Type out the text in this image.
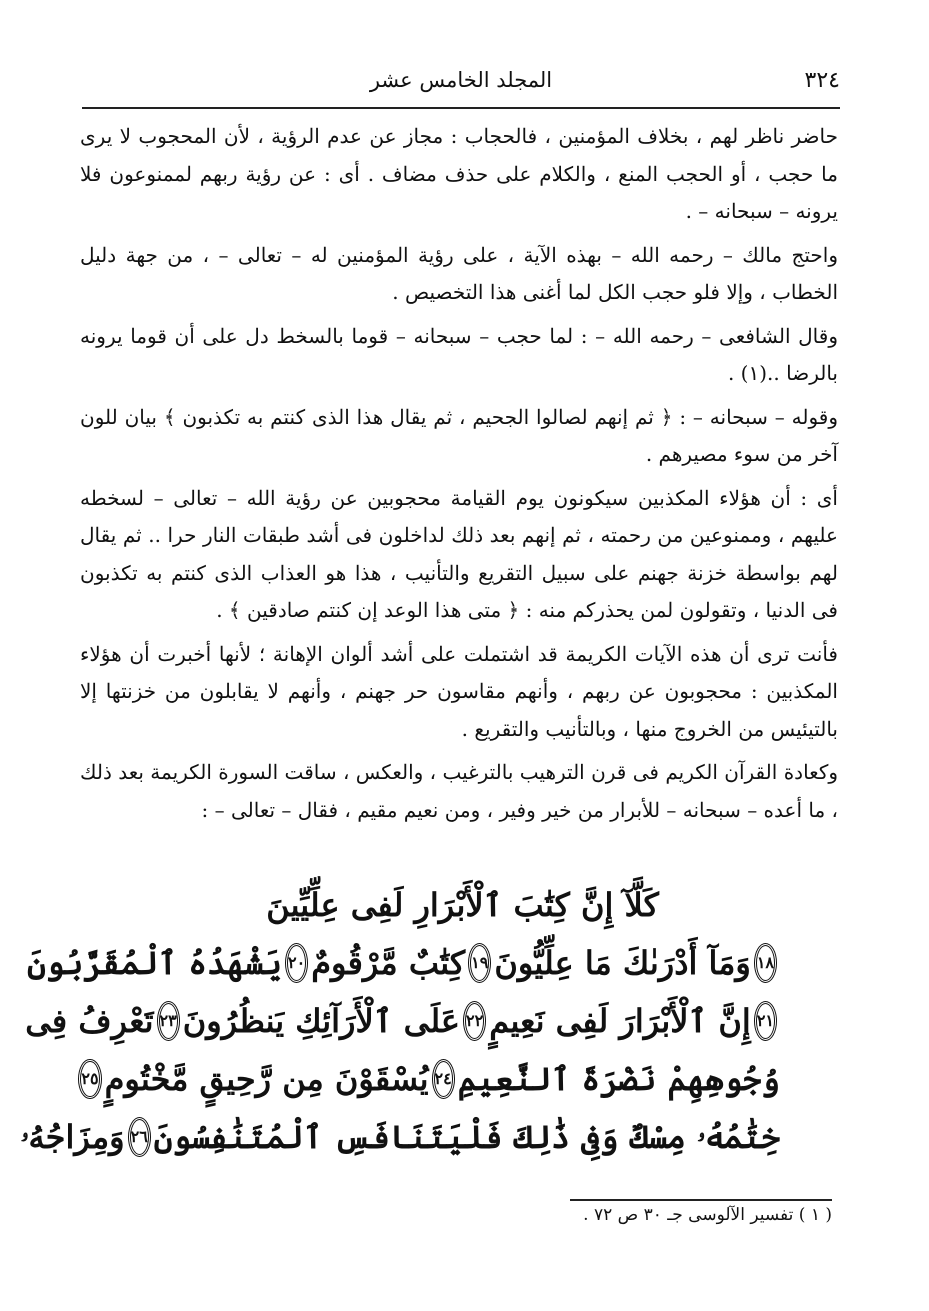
٣٢٤
المجلد الخامس عشر

حاضر ناظر لهم ، بخلاف المؤمنين ، فالحجاب : مجاز عن عدم الرؤية ، لأن المحجوب لا يرى ما حجب ، أو الحجب المنع ، والكلام على حذف مضاف . أى : عن رؤية ربهم لممنوعون فلا يرونه – سبحانه – .

واحتج مالك – رحمه الله – بهذه الآية ، على رؤية المؤمنين له – تعالى – ، من جهة دليل الخطاب ، وإلا فلو حجب الكل لما أغنى هذا التخصيص .

وقال الشافعى – رحمه الله – : لما حجب – سبحانه – قوما بالسخط دل على أن قوما يرونه بالرضا ..(١) .

وقوله – سبحانه – : ﴿ ثم إنهم لصالوا الجحيم ، ثم يقال هذا الذى كنتم به تكذبون ﴾ بيان للون آخر من سوء مصيرهم .

أى : أن هؤلاء المكذبين سيكونون يوم القيامة محجوبين عن رؤية الله – تعالى – لسخطه عليهم ، وممنوعين من رحمته ، ثم إنهم بعد ذلك لداخلون فى أشد طبقات النار حرا .. ثم يقال لهم بواسطة خزنة جهنم على سبيل التقريع والتأنيب ، هذا هو العذاب الذى كنتم به تكذبون فى الدنيا ، وتقولون لمن يحذركم منه : ﴿ متى هذا الوعد إن كنتم صادقين ﴾ .

فأنت ترى أن هذه الآيات الكريمة قد اشتملت على أشد ألوان الإهانة ؛ لأنها أخبرت أن هؤلاء المكذبين : محجوبون عن ربهم ، وأنهم مقاسون حر جهنم ، وأنهم لا يقابلون من خزنتها إلا بالتيئيس من الخروج منها ، وبالتأنيب والتقريع .

وكعادة القرآن الكريم فى قرن الترهيب بالترغيب ، والعكس ، ساقت السورة الكريمة بعد ذلك ، ما أعده – سبحانه – للأبرار من خير وفير ، ومن نعيم مقيم ، فقال – تعالى – :

كَلَّآ إِنَّ كِتَٰبَ ٱلْأَبْرَارِ لَفِى عِلِّيِّينَ
١٨
وَمَآ أَدْرَىٰكَ مَا عِلِّيُّونَ
١٩
كِتَٰبٌ مَّرْقُومٌ
٢٠
يَشْهَدُهُ ٱلْمُقَرَّبُونَ
٢١
إِنَّ ٱلْأَبْرَارَ لَفِى نَعِيمٍ
٢٢
عَلَى ٱلْأَرَآئِكِ يَنظُرُونَ
٢٣
تَعْرِفُ فِى
وُجُوهِهِمْ نَضْرَةَ ٱلنَّعِيمِ
٢٤
يُسْقَوْنَ مِن رَّحِيقٍ مَّخْتُومٍ
٢٥
خِتَٰمُهُۥ مِسْكٌ وَفِى ذَٰلِكَ فَلْيَتَنَافَسِ ٱلْمُتَنَٰفِسُونَ
٢٦
وَمِزَاجُهُۥ
( ١ ) تفسير الآلوسى جـ ٣٠ ص ٧٢ .
